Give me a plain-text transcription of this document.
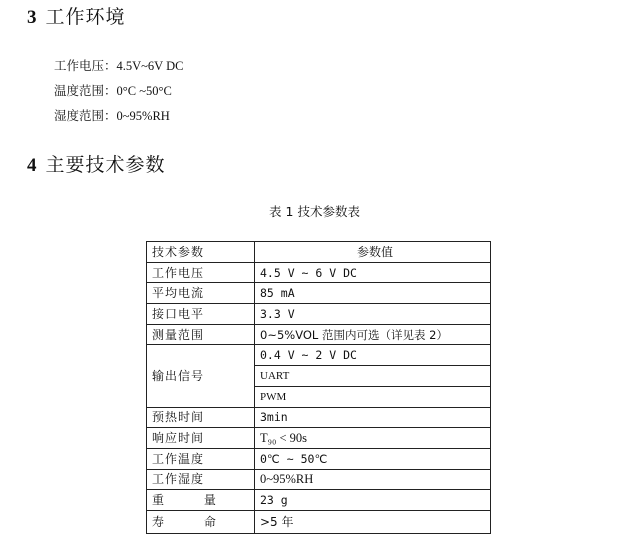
3 工作环境
工作电压：4.5V~6V DC
温度范围：0°C ~50°C
湿度范围：0~95%RH
4 主要技术参数
表 1 技术参数表
技术参数	参数值
工作电压	4.5 V ~ 6 V DC
平均电流	85 mA
接口电平	3.3 V
测量范围	0~5%VOL 范围内可选（详见表 2）
输出信号	0.4 V ~ 2 V DC
	UART
	PWM
预热时间	3min
响应时间	T₉₀ < 90s
工作温度	0℃ ~ 50℃
工作湿度	0~95%RH
重 量	23 g
寿 命	>5 年
